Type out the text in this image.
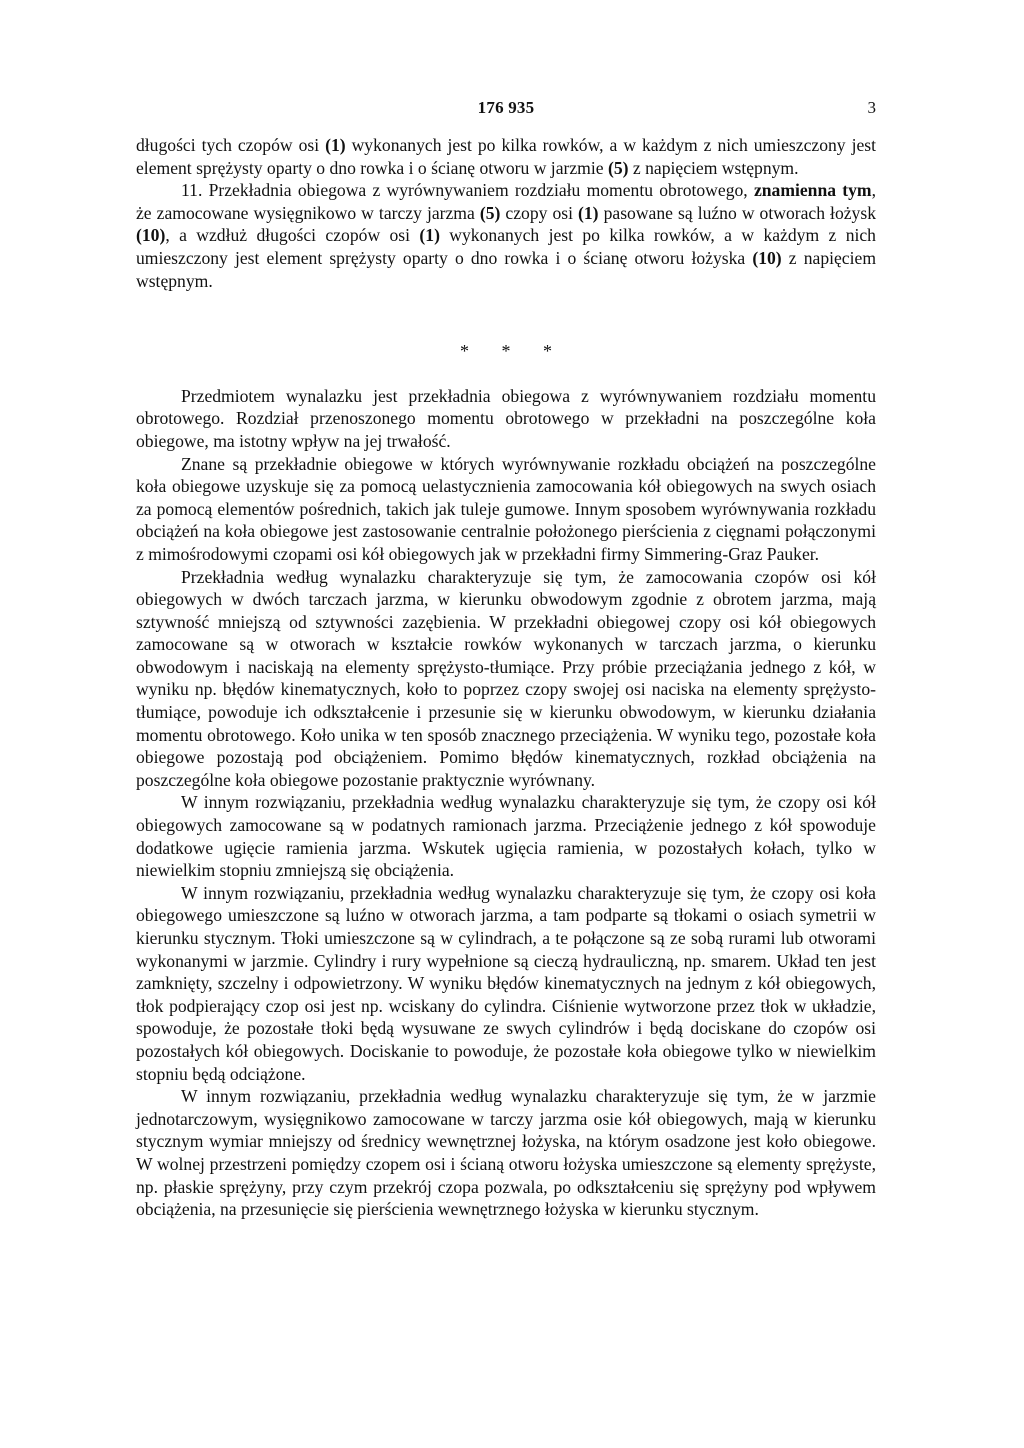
176 935	3

długości tych czopów osi (1) wykonanych jest po kilka rowków, a w każdym z nich umieszczony jest element sprężysty oparty o dno rowka i o ścianę otworu w jarzmie (5) z napięciem wstępnym.

11. Przekładnia obiegowa z wyrównywaniem rozdziału momentu obrotowego, znamienna tym, że zamocowane wysięgnikowo w tarczy jarzma (5) czopy osi (1) pasowane są luźno w otworach łożysk (10), a wzdłuż długości czopów osi (1) wykonanych jest po kilka rowków, a w każdym z nich umieszczony jest element sprężysty oparty o dno rowka i o ścianę otworu łożyska (10) z napięciem wstępnym.

* * *

Przedmiotem wynalazku jest przekładnia obiegowa z wyrównywaniem rozdziału momentu obrotowego. Rozdział przenoszonego momentu obrotowego w przekładni na poszczególne koła obiegowe, ma istotny wpływ na jej trwałość.

Znane są przekładnie obiegowe w których wyrównywanie rozkładu obciążeń na poszczególne koła obiegowe uzyskuje się za pomocą uelastycznienia zamocowania kół obiegowych na swych osiach za pomocą elementów pośrednich, takich jak tuleje gumowe. Innym sposobem wyrównywania rozkładu obciążeń na koła obiegowe jest zastosowanie centralnie położonego pierścienia z cięgnami połączonymi z mimośrodowymi czopami osi kół obiegowych jak w przekładni firmy Simmering-Graz Pauker.

Przekładnia według wynalazku charakteryzuje się tym, że zamocowania czopów osi kół obiegowych w dwóch tarczach jarzma, w kierunku obwodowym zgodnie z obrotem jarzma, mają sztywność mniejszą od sztywności zazębienia. W przekładni obiegowej czopy osi kół obiegowych zamocowane są w otworach w kształcie rowków wykonanych w tarczach jarzma, o kierunku obwodowym i naciskają na elementy sprężysto-tłumiące. Przy próbie przeciążania jednego z kół, w wyniku np. błędów kinematycznych, koło to poprzez czopy swojej osi naciska na elementy sprężysto-tłumiące, powoduje ich odkształcenie i przesunie się w kierunku obwodowym, w kierunku działania momentu obrotowego. Koło unika w ten sposób znacznego przeciążenia. W wyniku tego, pozostałe koła obiegowe pozostają pod obciążeniem. Pomimo błędów kinematycznych, rozkład obciążenia na poszczególne koła obiegowe pozostanie praktycznie wyrównany.

W innym rozwiązaniu, przekładnia według wynalazku charakteryzuje się tym, że czopy osi kół obiegowych zamocowane są w podatnych ramionach jarzma. Przeciążenie jednego z kół spowoduje dodatkowe ugięcie ramienia jarzma. Wskutek ugięcia ramienia, w pozostałych kołach, tylko w niewielkim stopniu zmniejszą się obciążenia.

W innym rozwiązaniu, przekładnia według wynalazku charakteryzuje się tym, że czopy osi koła obiegowego umieszczone są luźno w otworach jarzma, a tam podparte są tłokami o osiach symetrii w kierunku stycznym. Tłoki umieszczone są w cylindrach, a te połączone są ze sobą rurami lub otworami wykonanymi w jarzmie. Cylindry i rury wypełnione są cieczą hydrauliczną, np. smarem. Układ ten jest zamknięty, szczelny i odpowietrzony. W wyniku błędów kinematycznych na jednym z kół obiegowych, tłok podpierający czop osi jest np. wciskany do cylindra. Ciśnienie wytworzone przez tłok w układzie, spowoduje, że pozostałe tłoki będą wysuwane ze swych cylindrów i będą dociskane do czopów osi pozostałych kół obiegowych. Dociskanie to powoduje, że pozostałe koła obiegowe tylko w niewielkim stopniu będą odciążone.

W innym rozwiązaniu, przekładnia według wynalazku charakteryzuje się tym, że w jarzmie jednotarczowym, wysięgnikowo zamocowane w tarczy jarzma osie kół obiegowych, mają w kierunku stycznym wymiar mniejszy od średnicy wewnętrznej łożyska, na którym osadzone jest koło obiegowe. W wolnej przestrzeni pomiędzy czopem osi i ścianą otworu łożyska umieszczone są elementy sprężyste, np. płaskie sprężyny, przy czym przekrój czopa pozwala, po odkształceniu się sprężyny pod wpływem obciążenia, na przesunięcie się pierścienia wewnętrznego łożyska w kierunku stycznym.
